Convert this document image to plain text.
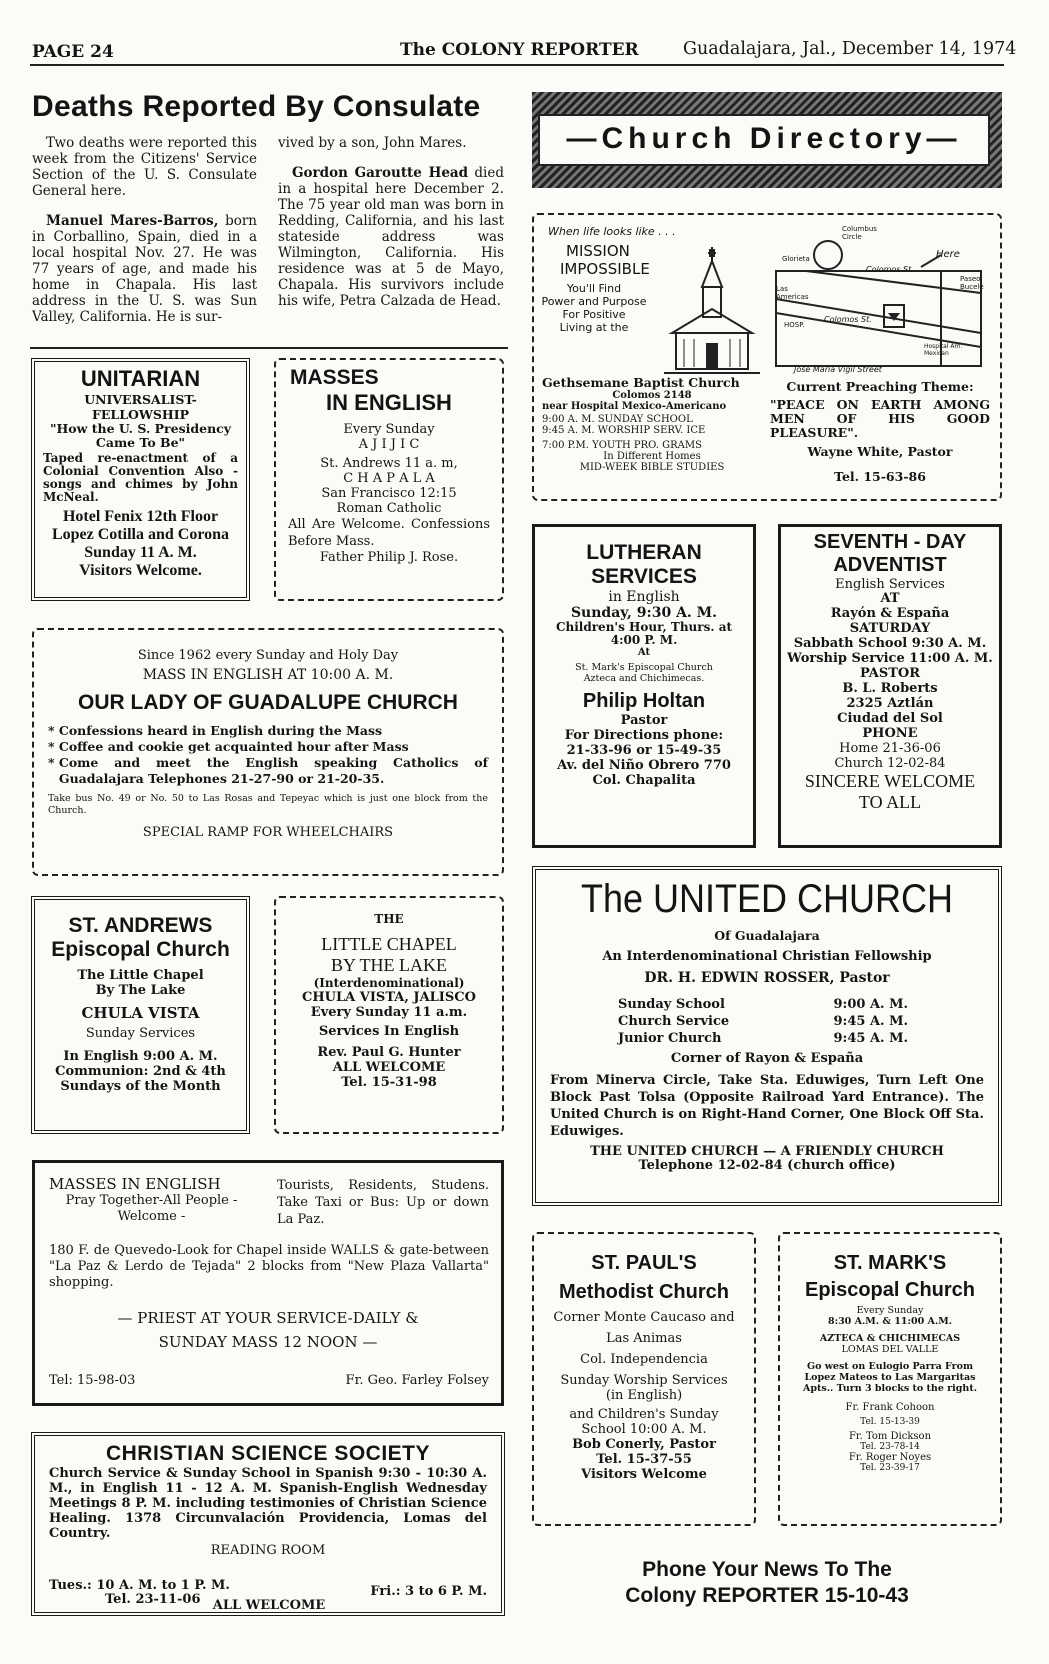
PAGE 24	The COLONY REPORTER	Guadalajara, Jal., December 14, 1974
Deaths Reported By Consulate

Two deaths were reported this week from the Citizens' Service Section of the U. S. Consulate General here.

Manuel Mares-Barros, born in Corballino, Spain, died in a local hospital Nov. 27. He was 77 years of age, and made his home in Chapala. His last address in the U. S. was Sun Valley, California. He is sur-

vived by a son, John Mares.

Gordon Garoutte Head died in a hospital here December 2. The 75 year old man was born in Redding, California, and his last stateside address was Wilmington, California. His residence was at 5 de Mayo, Chapala. His survivors include his wife, Petra Calzada de Head.

—Church Directory—
UNITARIAN
UNIVERSALIST-
FELLOWSHIP
"How the U. S. Presidency Came To Be"
Taped re-enactment of a Colonial Convention Also - songs and chimes by John McNeal.
Hotel Fenix 12th Floor
Lopez Cotilla and Corona
Sunday 11 A. M.
Visitors Welcome.
MASSES
IN ENGLISH
Every Sunday
A J I J I C
St. Andrews 11 a. m,
C H A P A L A
San Francisco 12:15
Roman Catholic
All Are Welcome. Confessions Before Mass.
Father Philip J. Rose.
When life looks like . . .
MISSION
IMPOSSIBLE
You'll Find
Power and Purpose
For Positive
Living at the
Columbus Circle
Glorieta	Here
Colomos St.
Colomos St.
HOSP.
Paseo Bucele
Las Americas
Hospital Am. Mexican
Jose Maria Vigil Street
Gethsemane Baptist Church
Colomos 2148
near Hospital Mexico-Americano
9:00 A. M. SUNDAY SCHOOL
9:45 A. M. WORSHIP SERV. ICE
7:00 P.M. YOUTH PRO. GRAMS
In Different Homes
MID-WEEK BIBLE STUDIES
Current Preaching Theme:
"PEACE ON EARTH AMONG MEN OF HIS GOOD PLEASURE".
Wayne White, Pastor
Tel. 15-63-86
Since 1962 every Sunday and Holy Day
MASS IN ENGLISH AT 10:00 A. M.
OUR LADY OF GUADALUPE CHURCH
* Confessions heard in English during the Mass
* Coffee and cookie get acquainted hour after Mass
* Come and meet the English speaking Catholics of Guadalajara Telephones 21-27-90 or 21-20-35.
Take bus No. 49 or No. 50 to Las Rosas and Tepeyac which is just one block from the Church.
SPECIAL RAMP FOR WHEELCHAIRS
LUTHERAN
SERVICES
in English
Sunday, 9:30 A. M.
Children's Hour, Thurs. at 4:00 P. M.
At
St. Mark's Episcopal Church
Azteca and Chichimecas.
Philip Holtan
Pastor
For Directions phone:
21-33-96 or 15-49-35
Av. del Niño Obrero 770
Col. Chapalita
SEVENTH - DAY
ADVENTIST
English Services
AT
Rayón & España
SATURDAY
Sabbath School 9:30 A. M.
Worship Service 11:00 A. M.
PASTOR
B. L. Roberts
2325 Aztlán
Ciudad del Sol
PHONE
Home 21-36-06
Church 12-02-84
SINCERE WELCOME
TO ALL
ST. ANDREWS
Episcopal Church
The Little Chapel
By The Lake
CHULA VISTA
Sunday Services
In English 9:00 A. M.
Communion: 2nd & 4th
Sundays of the Month
THE
LITTLE CHAPEL
BY THE LAKE
(Interdenominational)
CHULA VISTA, JALISCO
Every Sunday 11 a.m.
Services In English
Rev. Paul G. Hunter
ALL WELCOME
Tel. 15-31-98
The UNITED CHURCH
Of Guadalajara
An Interdenominational Christian Fellowship
DR. H. EDWIN ROSSER, Pastor
Sunday School	9:00 A. M.
Church Service	9:45 A. M.
Junior Church	9:45 A. M.
Corner of Rayon & España
From Minerva Circle, Take Sta. Eduwiges, Turn Left One Block Past Tolsa (Opposite Railroad Yard Entrance). The United Church is on Right-Hand Corner, One Block Off Sta. Eduwiges.
THE UNITED CHURCH — A FRIENDLY CHURCH
Telephone 12-02-84 (church office)
MASSES IN ENGLISH
Pray Together-All People - Welcome -
Tourists, Residents, Studens. Take Taxi or Bus: Up or down La Paz.
180 F. de Quevedo-Look for Chapel inside WALLS & gate-between "La Paz & Lerdo de Tejada" 2 blocks from "New Plaza Vallarta" shopping.
— PRIEST AT YOUR SERVICE-DAILY &
SUNDAY MASS 12 NOON —
Tel: 15-98-03	Fr. Geo. Farley Folsey
ST. PAUL'S
Methodist Church
Corner Monte Caucaso and
Las Animas
Col. Independencia
Sunday Worship Services
(in English)
and Children's Sunday
School 10:00 A. M.
Bob Conerly, Pastor
Tel. 15-37-55
Visitors Welcome
ST. MARK'S
Episcopal Church
Every Sunday
8:30 A.M. & 11:00 A.M.
AZTECA & CHICHIMECAS
LOMAS DEL VALLE
Go west on Eulogio Parra From Lopez Mateos to Las Margaritas Apts.. Turn 3 blocks to the right.
Fr. Frank Cohoon
Tel. 15-13-39
Fr. Tom Dickson
Tel. 23-78-14
Fr. Roger Noyes
Tel. 23-39-17
CHRISTIAN SCIENCE SOCIETY
Church Service & Sunday School in Spanish 9:30 - 10:30 A. M., in English 11 - 12 A. M. Spanish-English Wednesday Meetings 8 P. M. including testimonies of Christian Science Healing. 1378 Circunvalación Providencia, Lomas del Country.
READING ROOM
Tues.: 10 A. M. to 1 P. M.
Tel. 23-11-06
Fri.: 3 to 6 P. M.
ALL WELCOME
Phone Your News To The
Colony REPORTER 15-10-43
